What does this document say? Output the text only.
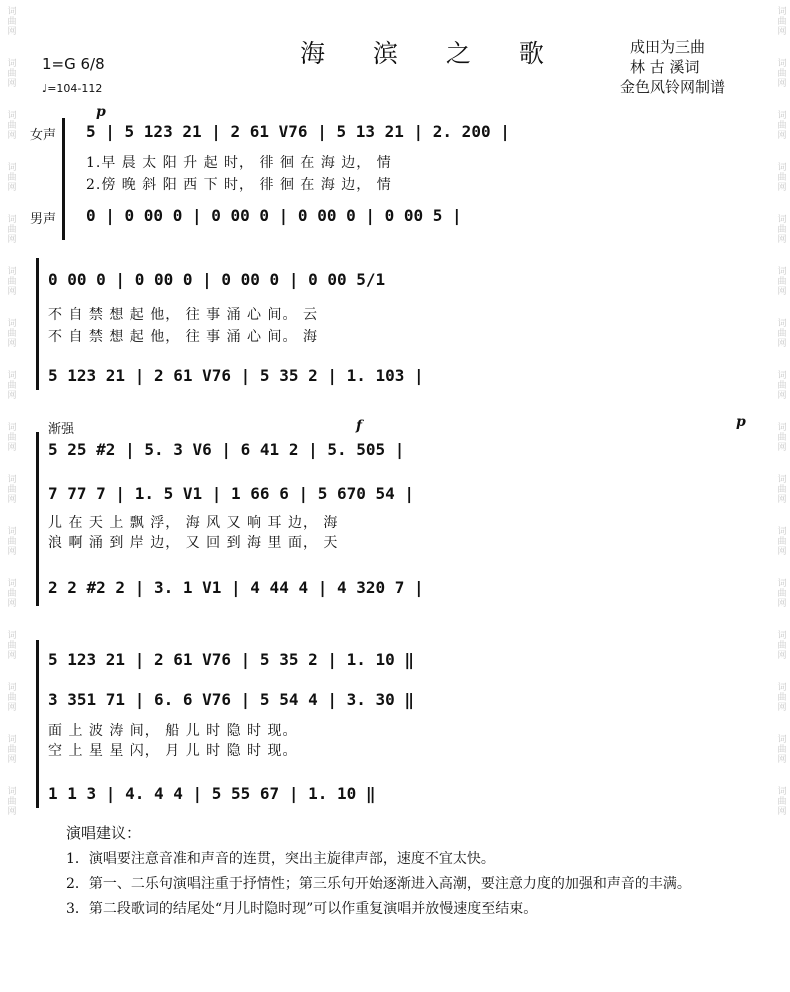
词曲网
词曲网
词曲网
词曲网
词曲网
词曲网
词曲网
词曲网
词曲网
词曲网
词曲网
词曲网
词曲网
词曲网
词曲网
词曲网
词曲网
词曲网
词曲网
词曲网
词曲网
词曲网
词曲网
词曲网
词曲网
词曲网
词曲网
词曲网
词曲网
词曲网
词曲网
词曲网
海 滨 之 歌	成田为三曲
林 古 溪词
金色风铃网制谱
1=G 6/8
♩=104-112
p
女声 5 | 5 123 21 | 2 61 V76 | 5 13 21 | 2. 200 |
1.早 晨 太 阳 升 起 时， 徘 徊 在 海 边， 情
2.傍 晚 斜 阳 西 下 时， 徘 徊 在 海 边， 情
男声 0 | 0 00 0 | 0 00 0 | 0 00 0 | 0 00 5 |
0 00 0 | 0 00 0 | 0 00 0 | 0 00 5/1
不 自 禁 想 起 他， 往 事 涌 心 间。 云
不 自 禁 想 起 他， 往 事 涌 心 间。 海
5 123 21 | 2 61 V76 | 5 35 2 | 1. 103 |
渐强	f	p
5 25 #2 | 5. 3 V6 | 6 41 2 | 5. 505 |
7 77 7 | 1. 5 V1 | 1 66 6 | 5 670 54 |
儿 在 天 上 飘 浮， 海 风 又 响 耳 边， 海
浪 啊 涌 到 岸 边， 又 回 到 海 里 面， 天
2 2 #2 2 | 3. 1 V1 | 4 44 4 | 4 320 7 |
5 123 21 | 2 61 V76 | 5 35 2 | 1. 10 ‖
3 351 71 | 6. 6 V76 | 5 54 4 | 3. 30 ‖
面 上 波 涛 间， 船 儿 时 隐 时 现。
空 上 星 星 闪， 月 儿 时 隐 时 现。
1 1 3 | 4. 4 4 | 5 55 67 | 1. 10 ‖
演唱建议：

1．演唱要注意音准和声音的连贯，突出主旋律声部，速度不宜太快。

2．第一、二乐句演唱注重于抒情性；第三乐句开始逐渐进入高潮，要注意力度的加强和声音的丰满。

3．第二段歌词的结尾处“月儿时隐时现”可以作重复演唱并放慢速度至结束。
